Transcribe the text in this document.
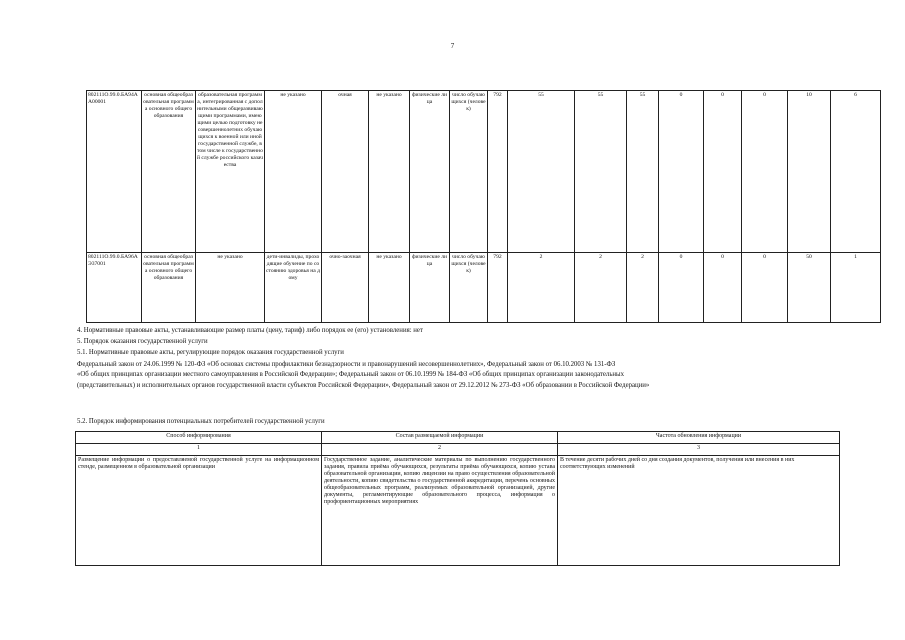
7
802111О.99.0.БА94АА00001	основная общеобразовательная программа основного общего образования	образовательная программа, интегрированная с дополнительными общеразвивающими программами, имеющими целью подготовку несовершеннолетних обучающихся к военной или иной государственной службе, в том числе к государственной службе российского казачества	не указано	очная	не указано	физические лица	число обучающихся (человек)	792	55	55	55	0	0	0	10	6
802111О.99.0.БА96АЭ37001	основная общеобразовательная программа основного общего образования	не указано	дети-инвалиды, проходящие обучение по состоянию здоровья на дому	очно-заочная	не указано	физические лица	число обучающихся (человек)	792	2	2	2	0	0	0	50	1
4. Нормативные правовые акты, устанавливающие размер платы (цену, тариф) либо порядок ее (его) установления: нет
5. Порядок оказания государственной услуги
5.1. Нормативные правовые акты, регулирующие порядок оказания государственной услуги
Федеральный закон от 24.06.1999 № 120-ФЗ «Об основах системы профилактики безнадзорности и правонарушений несовершеннолетних», Федеральный закон от 06.10.2003 № 131-ФЗ
«Об общих принципах организации местного самоуправления в Российской Федерации»; Федеральный закон от 06.10.1999 № 184-ФЗ «Об общих принципах организации законодательных
(представительных) и исполнительных органов государственной власти субъектов Российской Федерации», Федеральный закон от 29.12.2012 № 273-ФЗ «Об образовании в Российской Федерации»
5.2. Порядок информирования потенциальных потребителей государственной услуги
Способ информирования	Состав размещаемой информации	Частота обновления информации
1	2	3
Размещение информации о предоставляемой государственной услуге на информационном стенде, размещенном в образовательной организации	Государственное задание, аналитические материалы по выполнению государственного задания, правила приёма обучающихся, результаты приёма обучающихся, копию устава образовательной организации, копию лицензии на право осуществления образовательной деятельности, копию свидетельства о государственной аккредитации, перечень основных общеобразовательных программ, реализуемых образовательной организацией, другие документы, регламентирующие образовательного процесса, информация о профориентационных мероприятиях	В течение десяти рабочих дней со дня создания документов, получения или внесения в них соответствующих изменений
